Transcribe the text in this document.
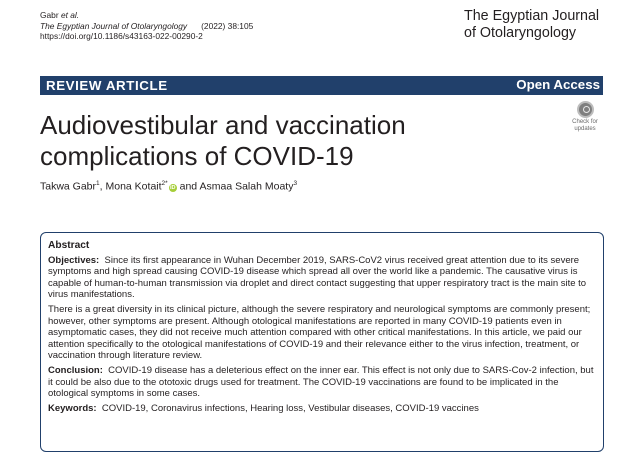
Gabr et al.
The Egyptian Journal of Otolaryngology (2022) 38:105
https://doi.org/10.1186/s43163-022-00290-2
The Egyptian Journal
of Otolaryngology
REVIEW ARTICLE	Open Access
Check for
updates
Audiovestibular and vaccination
complications of COVID-19
Takwa Gabr$^1$, Mona Kotait$^{2*}$iD and Asmaa Salah Moaty$^3$
Abstract

Objectives: Since its first appearance in Wuhan December 2019, SARS-CoV2 virus received great attention due to its severe symptoms and high spread causing COVID-19 disease which spread all over the world like a pandemic. The causative virus is capable of human-to-human transmission via droplet and direct contact suggesting that upper respiratory tract is the main site to virus manifestations.

There is a great diversity in its clinical picture, although the severe respiratory and neurological symptoms are commonly present; however, other symptoms are present. Although otological manifestations are reported in many COVID-19 patients even in asymptomatic cases, they did not receive much attention compared with other critical manifestations. In this article, we paid our attention specifically to the otological manifestations of COVID-19 and their relevance either to the virus infection, treatment, or vaccination through literature review.

Conclusion: COVID-19 disease has a deleterious effect on the inner ear. This effect is not only due to SARS-Cov-2 infection, but it could be also due to the ototoxic drugs used for treatment. The COVID-19 vaccinations are found to be implicated in the otological symptoms in some cases.

Keywords: COVID-19, Coronavirus infections, Hearing loss, Vestibular diseases, COVID-19 vaccines
